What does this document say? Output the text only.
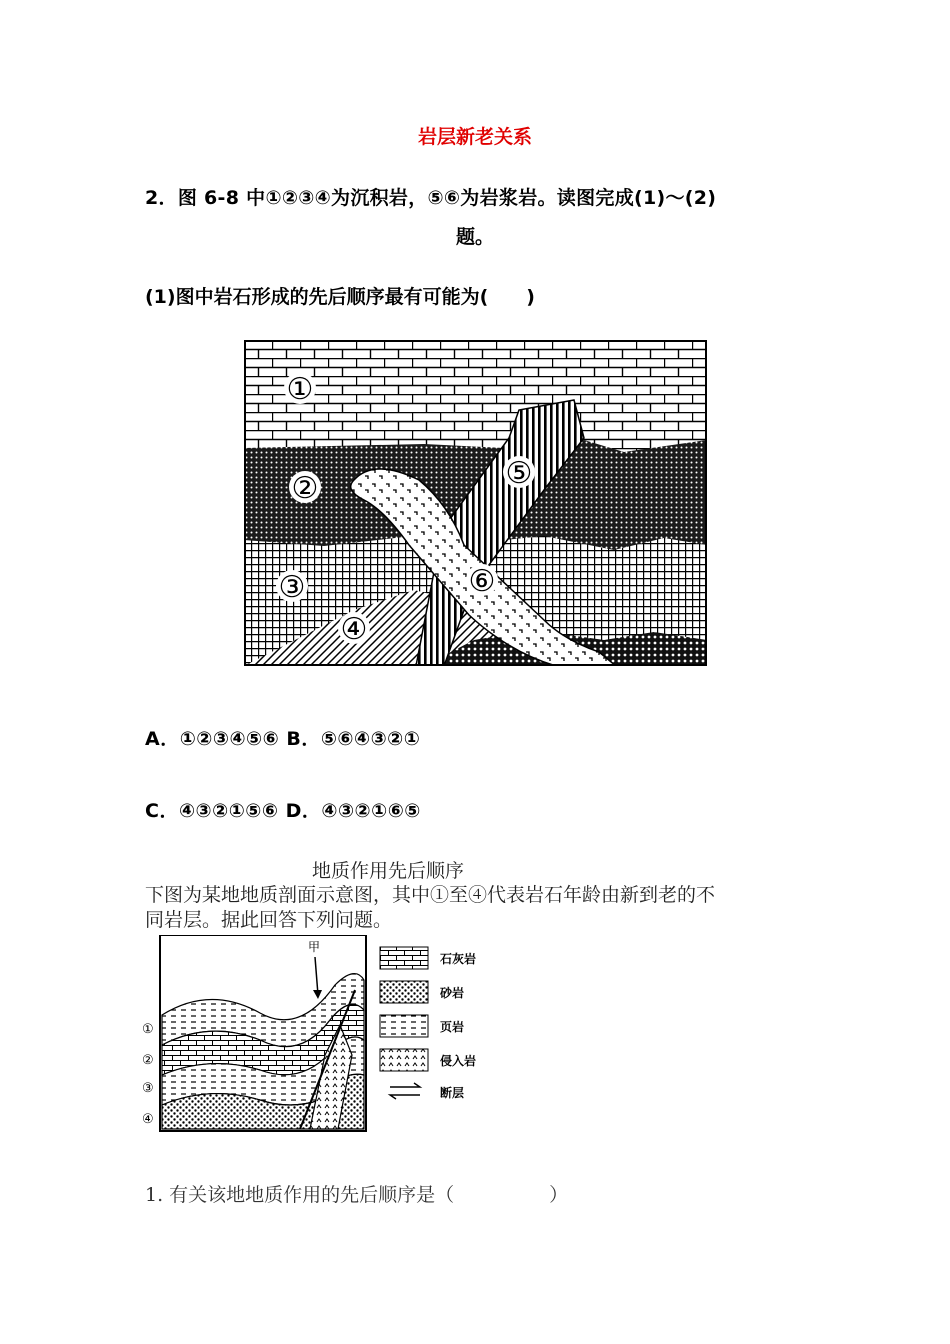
岩层新老关系
2．图 6-8 中①②③④为沉积岩，⑤⑥为岩浆岩。读图完成(1)～(2)
题。
(1)图中岩石形成的先后顺序最有可能为(　　)
①
②
③
④
⑤
⑥
A．①②③④⑤⑥ B．⑤⑥④③②①
C．④③②①⑤⑥ D．④③②①⑥⑤
地质作用先后顺序
下图为某地地质剖面示意图，其中①至④代表岩石年龄由新到老的不
同岩层。据此回答下列问题。
甲
①
②
③
④
石灰岩
砂岩
页岩
侵入岩
断层
1. 有关该地地质作用的先后顺序是（　　　　　）
